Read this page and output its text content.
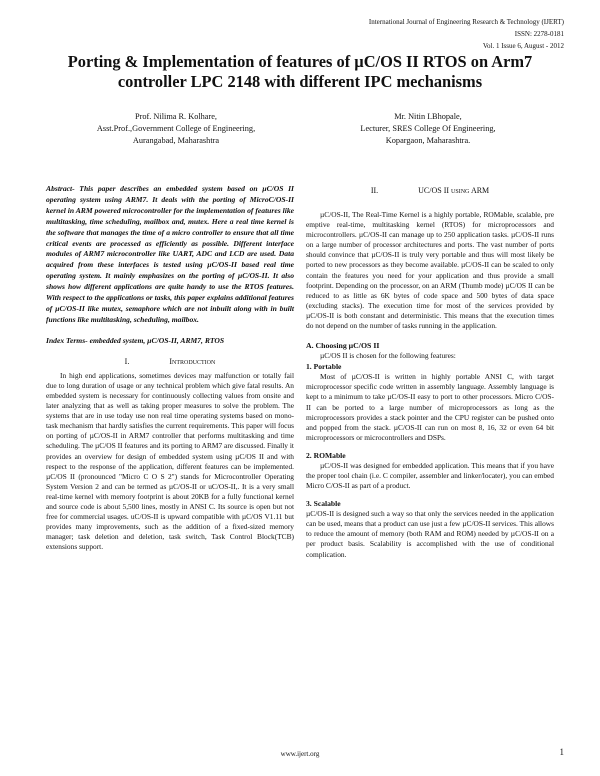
International Journal of Engineering Research & Technology (IJERT)
ISSN: 2278-0181
Vol. 1 Issue 6, August - 2012
Porting & Implementation of features of µC/OS II RTOS on Arm7 controller LPC 2148 with different IPC mechanisms
Prof. Nilima R. Kolhare,
Asst.Prof.,Government College of Engineering,
Aurangabad, Maharashtra
Mr. Nitin I.Bhopale,
Lecturer, SRES College Of Engineering,
Kopargaon, Maharashtra.

Abstract- This paper describes an embedded system based on µC/OS II operating system using ARM7. It deals with the porting of MicroC/OS-II kernel in ARM powered microcontroller for the implementation of features like multitasking, time scheduling, mailbox and, mutex. Here a real time kernel is the software that manages the time of a micro controller to ensure that all time critical events are processed as efficiently as possible. Different interface modules of ARM7 microcontroller like UART, ADC and LCD are used. Data acquired from these interfaces is tested using µC/OS-II based real time operating system. It mainly emphasizes on the porting of µC/OS-II. It also shows how different applications are quite handy to use the RTOS features. With respect to the applications or tasks, this paper explains additional features of µC/OS-II like mutex, semaphore which are not inbuilt along with in built functions like multitasking, scheduling, mailbox.

Index Terms- embedded system, µC/OS-II, ARM7, RTOS

I.	Introduction

In high end applications, sometimes devices may malfunction or totally fail due to long duration of usage or any technical problem which give fatal results. An embedded system is necessary for continuously collecting values from onsite and later analyzing that as well as taking proper measures to solve the problem. The systems that are in use today use non real time operating systems based on mono-task mechanism that hardly satisfies the current requirements. This paper will focus on porting of µC/OS-II in ARM7 controller that performs multitasking and time scheduling. The µC/OS II features and its porting to ARM7 are discussed. Finally it provides an overview for design of embedded system using µC/OS II and with respect to the response of the application, different features can be implemented. µC/OS II (pronounced "Micro C O S 2") stands for Microcontroller Operating System Version 2 and can be termed as µC/OS-II or uC/OS-II,. It is a very small real-time kernel with memory footprint is about 20KB for a fully functional kernel and source code is about 5,500 lines, mostly in ANSI C. Its source is open but not free for commercial usages. uC/OS-II is upward compatible with µC/OS V1.11 but provides many improvements, such as the addition of a fixed-sized memory manager; task deletion and deletion, task switch, Task Control Block(TCB) extensions support.

II.	UC/OS II using ARM

µC/OS-II, The Real-Time Kernel is a highly portable, ROMable, scalable, pre emptive real-time, multitasking kernel (RTOS) for microprocessors and microcontrollers. µC/OS-II can manage up to 250 application tasks. µC/OS-II runs on a large number of processor architectures and ports. The vast number of ports should convince that µC/OS-II is truly very portable and thus will most likely be ported to new processors as they become available. µC/OS-II can be scaled to only contain the features you need for your application and thus provide a small footprint. Depending on the processor, on an ARM (Thumb mode) µC/OS II can be reduced to as little as 6K bytes of code space and 500 bytes of data space (excluding stacks). The execution time for most of the services provided by µC/OS-II is both constant and deterministic. This means that the execution times do not depend on the number of tasks running in the application.

A. Choosing µC/OS II

µC/OS II is chosen for the following features:

1. Portable

Most of µC/OS-II is written in highly portable ANSI C, with target microprocessor specific code written in assembly language. Assembly language is kept to a minimum to take µC/OS-II easy to port to other processors. Micro C/OS-II can be ported to a large number of microprocessors as long as the microprocessors provides a stack pointer and the CPU register can be pushed onto and popped from the stack. µC/OS-II can run on most 8, 16, 32 or even 64 bit microprocessors or microcontrollers and DSPs.

2. ROMable

µC/OS-II was designed for embedded application. This means that if you have the proper tool chain (i.e. C compiler, assembler and linker/locater), you can embed Micro C/OS-II as part of a product.

3. Scalable

µC/OS-II is designed such a way so that only the services needed in the application can be used, means that a product can use just a few µC/OS-II services. This allows to reduce the amount of memory (both RAM and ROM) needed by µC/OS-II on a per product basis. Scalability is accomplished with the use of conditional complication.

www.ijert.org	1
